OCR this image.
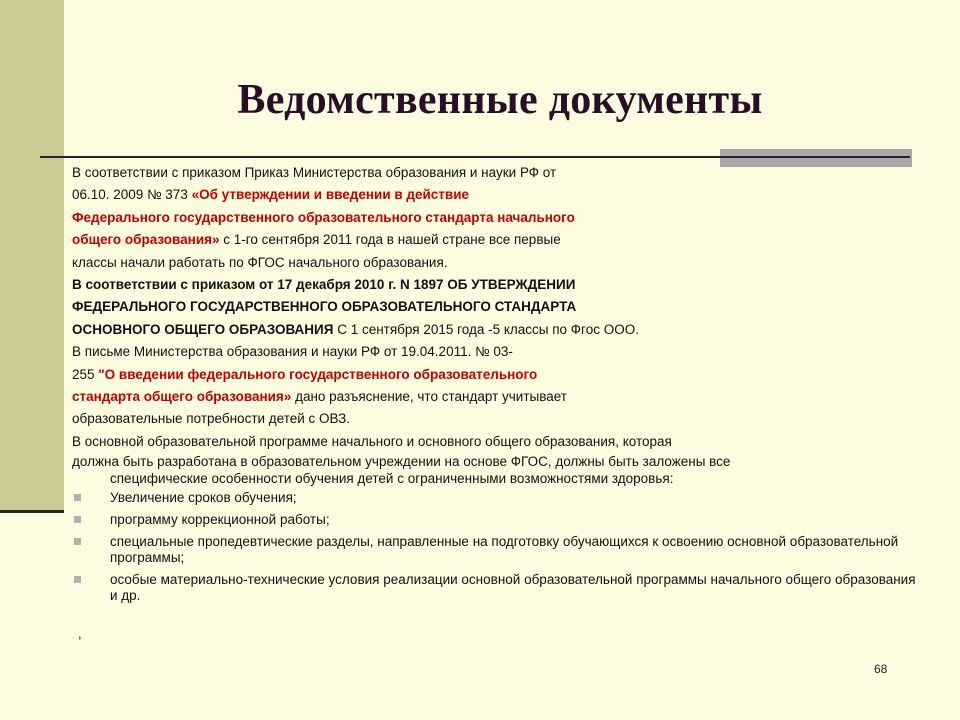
Ведомственные документы

В соответствии с приказом Приказ Министерства образования и науки РФ от

06.10. 2009 № 373 «Об утверждении и введении в действие

Федерального государственного образовательного стандарта начального

общего образования» с 1-го сентября 2011 года в нашей стране все первые

классы начали работать по ФГОС начального образования.

В соответствии с приказом от 17 декабря 2010 г. N 1897 ОБ УТВЕРЖДЕНИИ

ФЕДЕРАЛЬНОГО ГОСУДАРСТВЕННОГО ОБРАЗОВАТЕЛЬНОГО СТАНДАРТА

ОСНОВНОГО ОБЩЕГО ОБРАЗОВАНИЯ С 1 сентября 2015 года -5 классы по Фгос ООО.

В письме Министерства образования и науки РФ от 19.04.2011. № 03-

255 "О введении федерального государственного образовательного

стандарта общего образования» дано разъяснение, что стандарт учитывает

образовательные потребности детей с ОВЗ.

В основной образовательной программе начального и основного общего образования, которая

должна быть разработана в образовательном учреждении на основе ФГОС, должны быть заложены все

специфические особенности обучения детей с ограниченными возможностями здоровья:

Увеличение сроков обучения;
программу коррекционной работы;
специальные пропедевтические разделы, направленные на подготовку обучающихся к освоению основной образовательной программы;
особые материально-технические условия реализации основной образовательной программы начального общего образования и др.
,
68
